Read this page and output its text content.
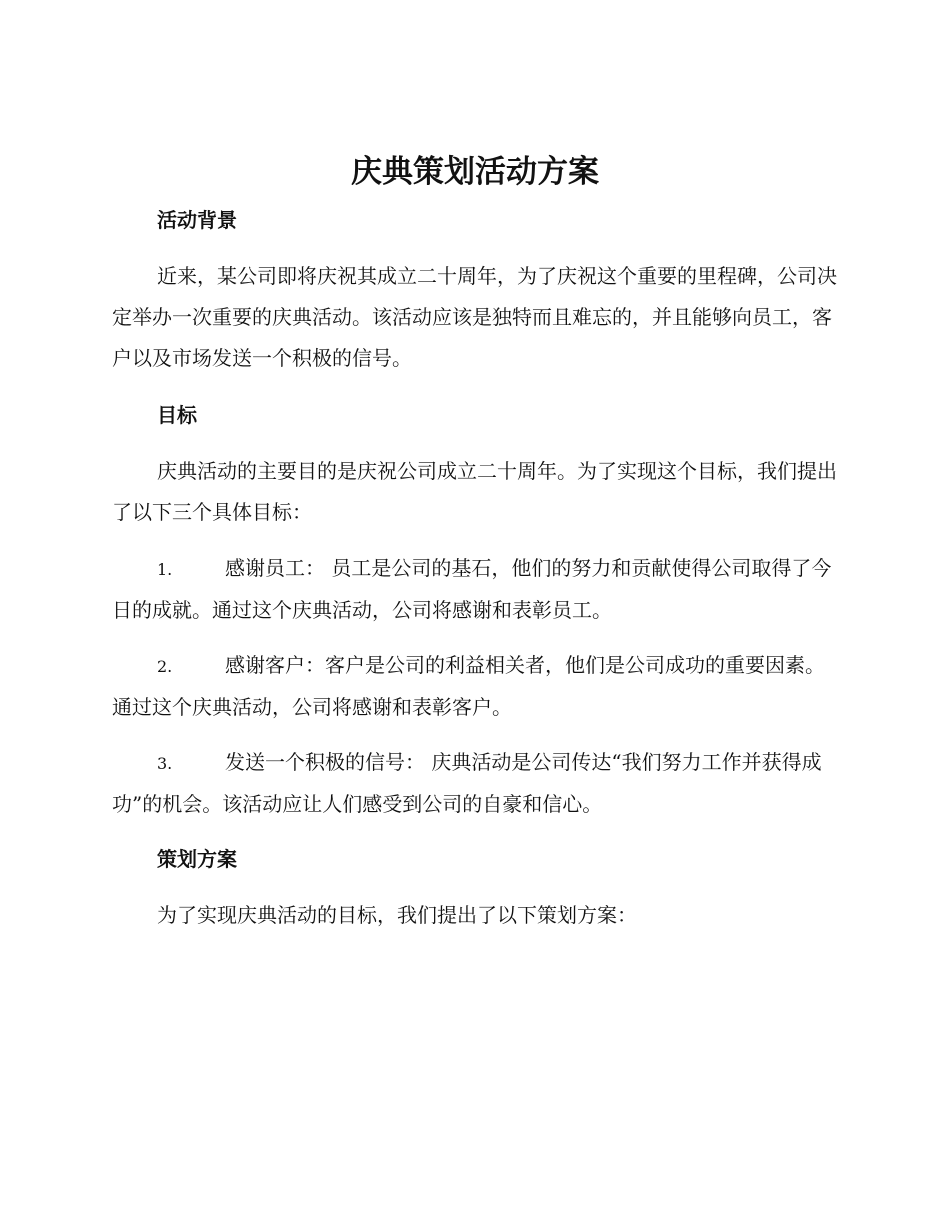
庆典策划活动方案
活动背景

近来，某公司即将庆祝其成立二十周年，为了庆祝这个重要的里程碑，公司决定举办一次重要的庆典活动。该活动应该是独特而且难忘的，并且能够向员工，客户以及市场发送一个积极的信号。

目标

庆典活动的主要目的是庆祝公司成立二十周年。为了实现这个目标，我们提出了以下三个具体目标：

1.	感谢员工： 员工是公司的基石，他们的努力和贡献使得公司取得了今日的成就。通过这个庆典活动，公司将感谢和表彰员工。
2.	感谢客户：客户是公司的利益相关者，他们是公司成功的重要因素。通过这个庆典活动，公司将感谢和表彰客户。
3.	发送一个积极的信号： 庆典活动是公司传达“我们努力工作并获得成功”的机会。该活动应让人们感受到公司的自豪和信心。
策划方案

为了实现庆典活动的目标，我们提出了以下策划方案：
